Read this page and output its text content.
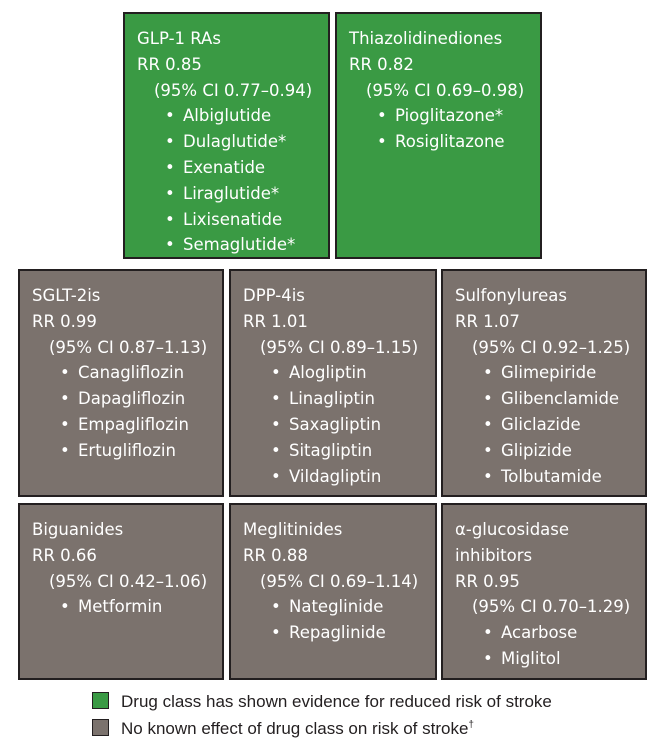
GLP-1 RAs
RR 0.85
(95% CI 0.77–0.94)
• Albiglutide
• Dulaglutide*
• Exenatide
• Liraglutide*
• Lixisenatide
• Semaglutide*
Thiazolidinediones
RR 0.82
(95% CI 0.69–0.98)
• Pioglitazone*
• Rosiglitazone
SGLT-2is
RR 0.99
(95% CI 0.87–1.13)
• Canagliflozin
• Dapagliflozin
• Empagliflozin
• Ertugliflozin
DPP-4is
RR 1.01
(95% CI 0.89–1.15)
• Alogliptin
• Linagliptin
• Saxagliptin
• Sitagliptin
• Vildagliptin
Sulfonylureas
RR 1.07
(95% CI 0.92–1.25)
• Glimepiride
• Glibenclamide
• Gliclazide
• Glipizide
• Tolbutamide
Biguanides
RR 0.66
(95% CI 0.42–1.06)
• Metformin
Meglitinides
RR 0.88
(95% CI 0.69–1.14)
• Nateglinide
• Repaglinide
α-glucosidase
inhibitors
RR 0.95
(95% CI 0.70–1.29)
• Acarbose
• Miglitol
Drug class has shown evidence for reduced risk of stroke
No known effect of drug class on risk of stroke†
